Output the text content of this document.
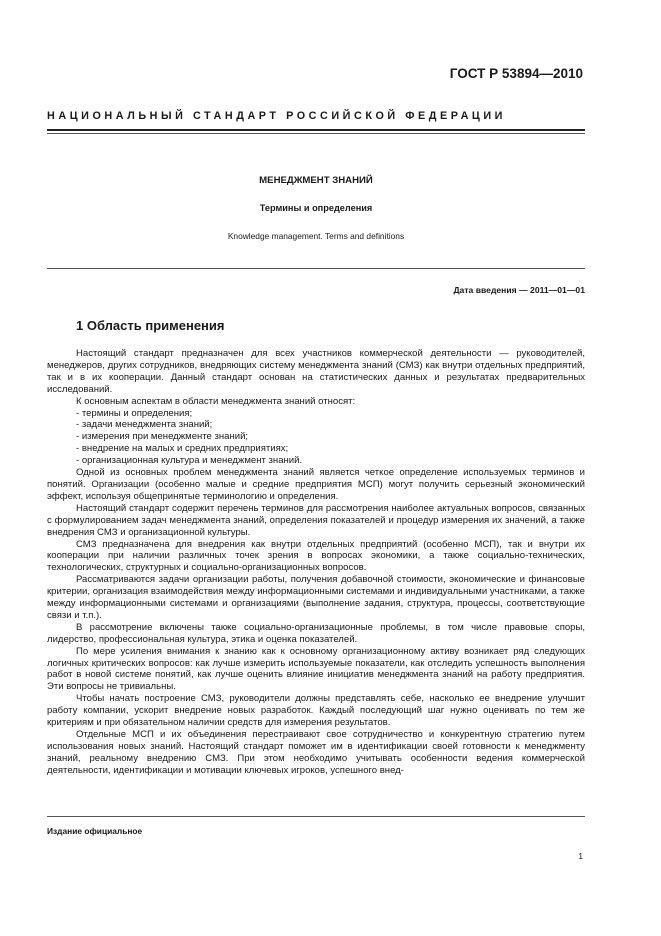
ГОСТ Р 53894—2010
НАЦИОНАЛЬНЫЙ СТАНДАРТ РОССИЙСКОЙ ФЕДЕРАЦИИ
МЕНЕДЖМЕНТ ЗНАНИЙ
Термины и определения
Knowledge management. Terms and definitions
Дата введения — 2011—01—01
1 Область применения

Настоящий стандарт предназначен для всех участников коммерческой деятельности — руководителей, менеджеров, других сотрудников, внедряющих систему менеджмента знаний (СМЗ) как внутри отдельных предприятий, так и в их кооперации. Данный стандарт основан на статистических данных и результатах предварительных исследований.

К основным аспектам в области менеджмента знаний относят:

- термины и определения;
- задачи менеджмента знаний;
- измерения при менеджменте знаний;
- внедрение на малых и средних предприятиях;
- организационная культура и менеджмент знаний.

Одной из основных проблем менеджмента знаний является четкое определение используемых терминов и понятий. Организации (особенно малые и средние предприятия МСП) могут получить серьезный экономический эффект, используя общепринятые терминологию и определения.

Настоящий стандарт содержит перечень терминов для рассмотрения наиболее актуальных вопросов, связанных с формулированием задач менеджмента знаний, определения показателей и процедур измерения их значений, а также внедрения СМЗ и организационной культуры.

СМЗ предназначена для внедрения как внутри отдельных предприятий (особенно МСП), так и внутри их кооперации при наличии различных точек зрения в вопросах экономики, а также социально-технических, технологических, структурных и социально-организационных вопросов.

Рассматриваются задачи организации работы, получения добавочной стоимости, экономические и финансовые критерии, организация взаимодействия между информационными системами и индивидуальными участниками, а также между информационными системами и организациями (выполнение задания, структура, процессы, соответствующие связи и т.п.).

В рассмотрение включены также социально-организационные проблемы, в том числе правовые споры, лидерство, профессиональная культура, этика и оценка показателей.

По мере усиления внимания к знанию как к основному организационному активу возникает ряд следующих логичных критических вопросов: как лучше измерить используемые показатели, как отследить успешность выполнения работ в новой системе понятий, как лучше оценить влияние инициатив менеджмента знаний на работу предприятия. Эти вопросы не тривиальны.

Чтобы начать построение СМЗ, руководители должны представлять себе, насколько ее внедрение улучшит работу компании, ускорит внедрение новых разработок. Каждый последующий шаг нужно оценивать по тем же критериям и при обязательном наличии средств для измерения результатов.

Отдельные МСП и их объединения перестраивают свое сотрудничество и конкурентную стратегию путем использования новых знаний. Настоящий стандарт поможет им в идентификации своей готовности к менеджменту знаний, реальному внедрению СМЗ. При этом необходимо учитывать особенности ведения коммерческой деятельности, идентификации и мотивации ключевых игроков, успешного внед-

Издание официальное
1
